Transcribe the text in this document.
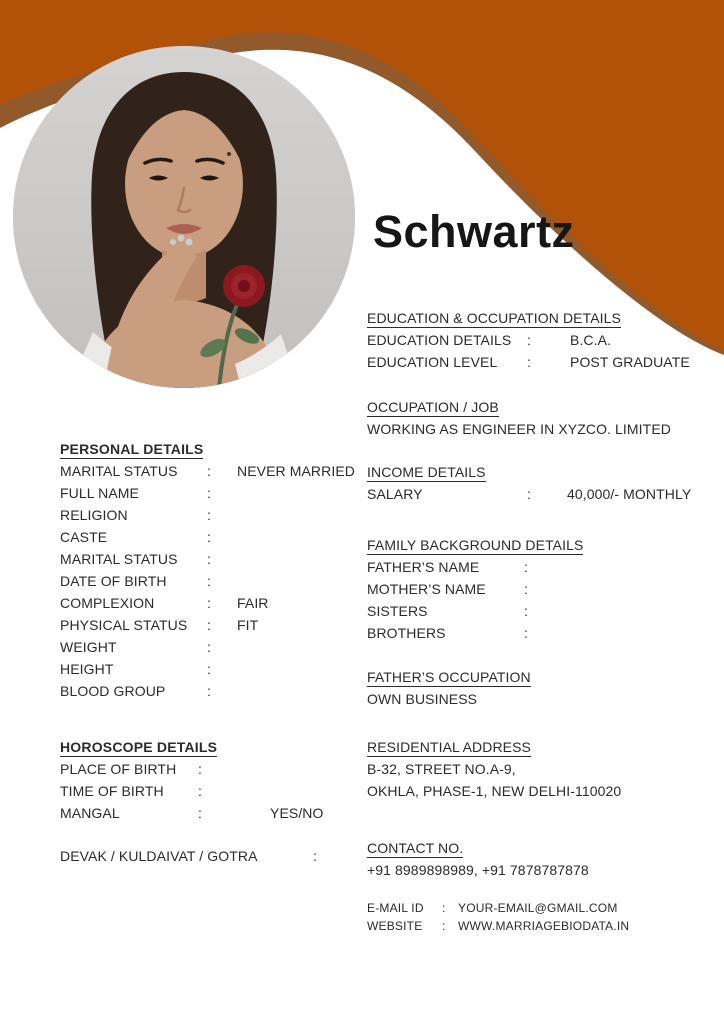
Schwartz
PERSONAL DETAILS
MARITAL STATUS	:	NEVER MARRIED
FULL NAME	:
RELIGION	:
CASTE	:
MARITAL STATUS	:
DATE OF BIRTH	:
COMPLEXION	:	FAIR
PHYSICAL STATUS	:	FIT
WEIGHT	:
HEIGHT	:
BLOOD GROUP	:
HOROSCOPE DETAILS
PLACE OF BIRTH	:
TIME OF BIRTH	:
MANGAL	:	YES/NO
DEVAK / KULDAIVAT / GOTRA	:
EDUCATION & OCCUPATION DETAILS
EDUCATION DETAILS	:	B.C.A.
EDUCATION LEVEL	:	POST GRADUATE
OCCUPATION / JOB
WORKING AS ENGINEER IN XYZCO. LIMITED
INCOME DETAILS
SALARY	:	40,000/- MONTHLY
FAMILY BACKGROUND DETAILS
FATHER’S NAME	:
MOTHER’S NAME	:
SISTERS	:
BROTHERS	:
FATHER’S OCCUPATION
OWN BUSINESS
RESIDENTIAL ADDRESS
B-32, STREET NO.A-9,
OKHLA, PHASE-1, NEW DELHI-110020
CONTACT NO.
+91 8989898989, +91 7878787878
E-MAIL ID	:	YOUR-EMAIL@GMAIL.COM
WEBSITE	:	WWW.MARRIAGEBIODATA.IN
